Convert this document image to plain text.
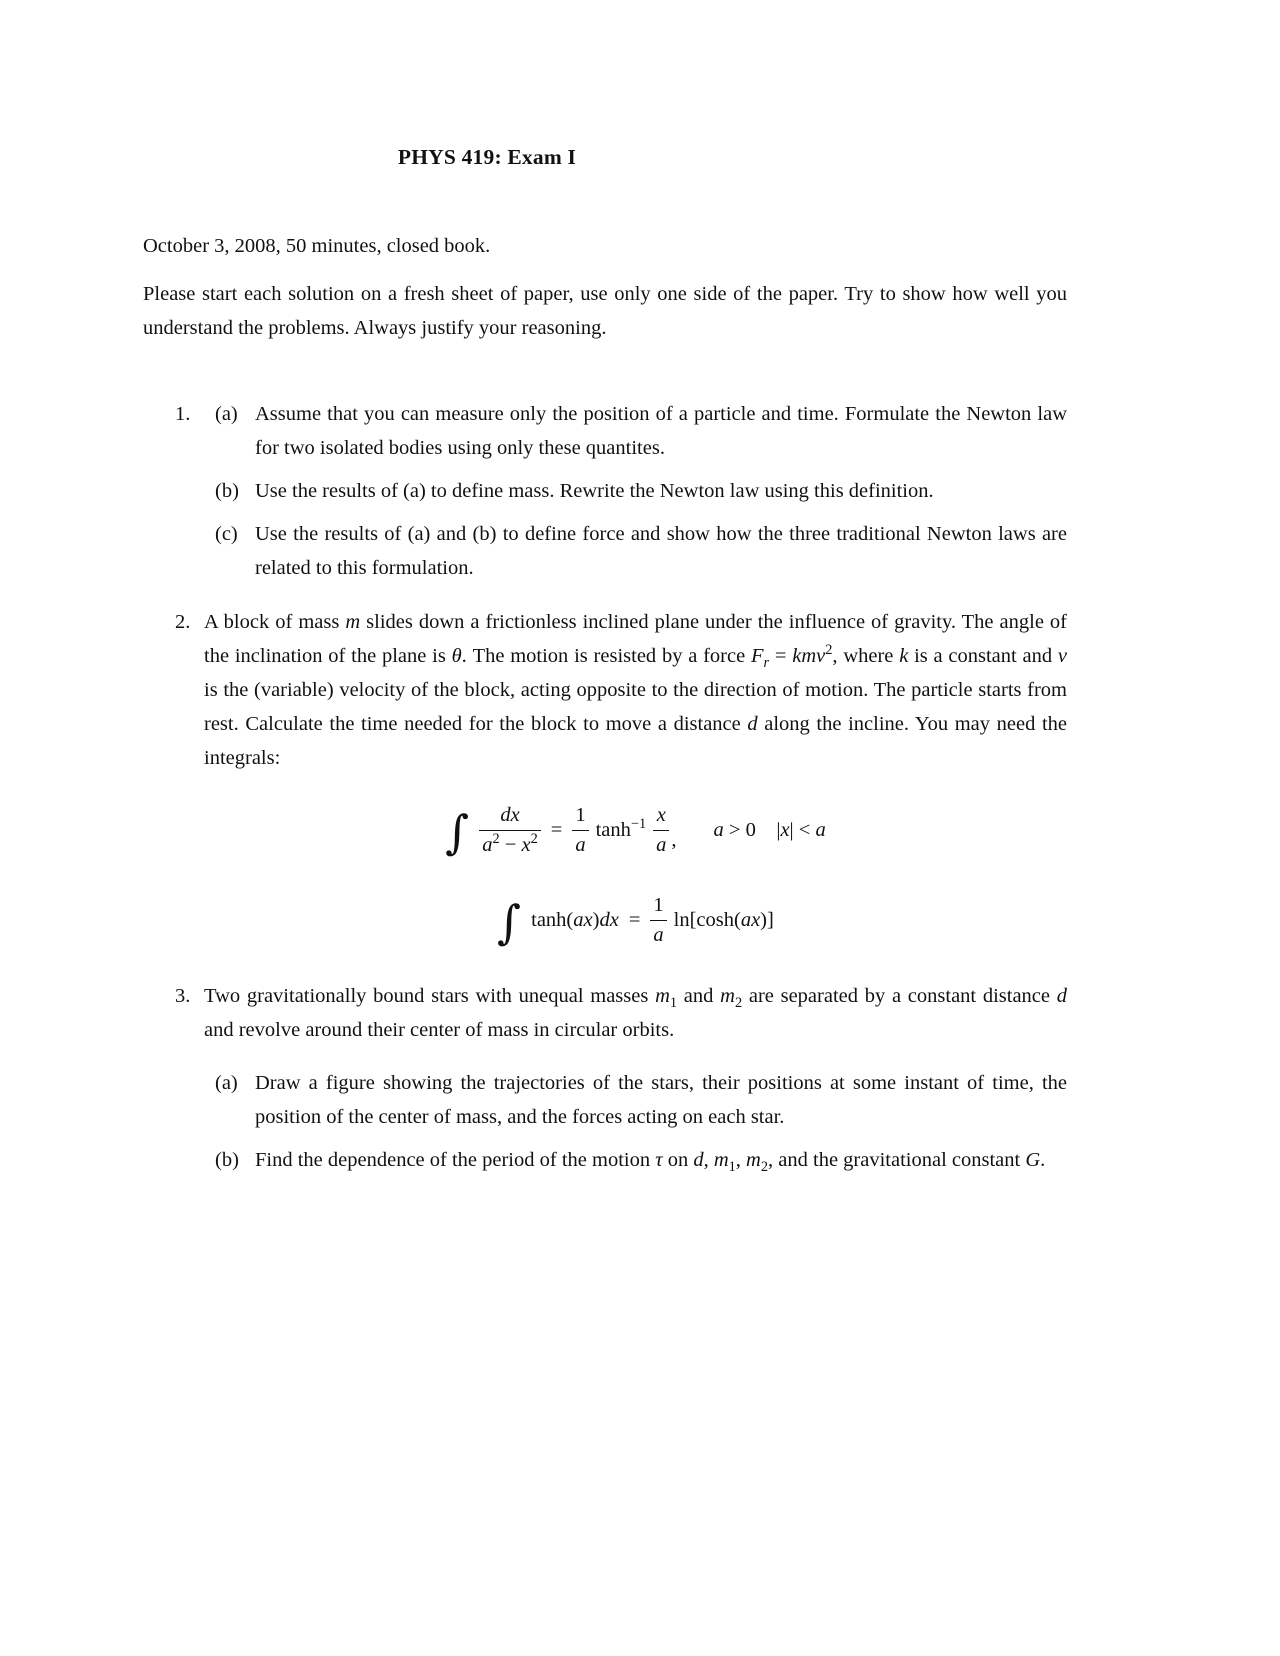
PHYS 419: Exam I

October 3, 2008, 50 minutes, closed book.

Please start each solution on a fresh sheet of paper, use only one side of the paper. Try to show how well you understand the problems. Always justify your reasoning.

1.	(a) Assume that you can measure only the position of a particle and time. Formulate the Newton law for two isolated bodies using only these quantites.
(b) Use the results of (a) to define mass. Rewrite the Newton law using this definition.
(c) Use the results of (a) and (b) to define force and show how the three traditional Newton laws are related to this formulation.
2. A block of mass m slides down a frictionless inclined plane under the influence of gravity. The angle of the inclination of the plane is θ. The motion is resisted by a force $F_r = kmv^2$, where k is a constant and v is the (variable) velocity of the block, acting opposite to the direction of motion. The particle starts from rest. Calculate the time needed for the block to move a distance d along the incline. You may need the integrals:
∫ $\frac{dx}{a^2 - x^2} = \frac{1}{a} \tanh^{-1} \frac{x}{a}$ , a > 0  |x| < a
∫ $\tanh(ax)dx = \frac{1}{a} \ln[\cosh(ax)]$
3. Two gravitationally bound stars with unequal masses $m_1$ and $m_2$ are separated by a constant distance d and revolve around their center of mass in circular orbits.
(a) Draw a figure showing the trajectories of the stars, their positions at some instant of time, the position of the center of mass, and the forces acting on each star.
(b) Find the dependence of the period of the motion τ on d, $m_1$, $m_2$, and the gravitational constant G.
